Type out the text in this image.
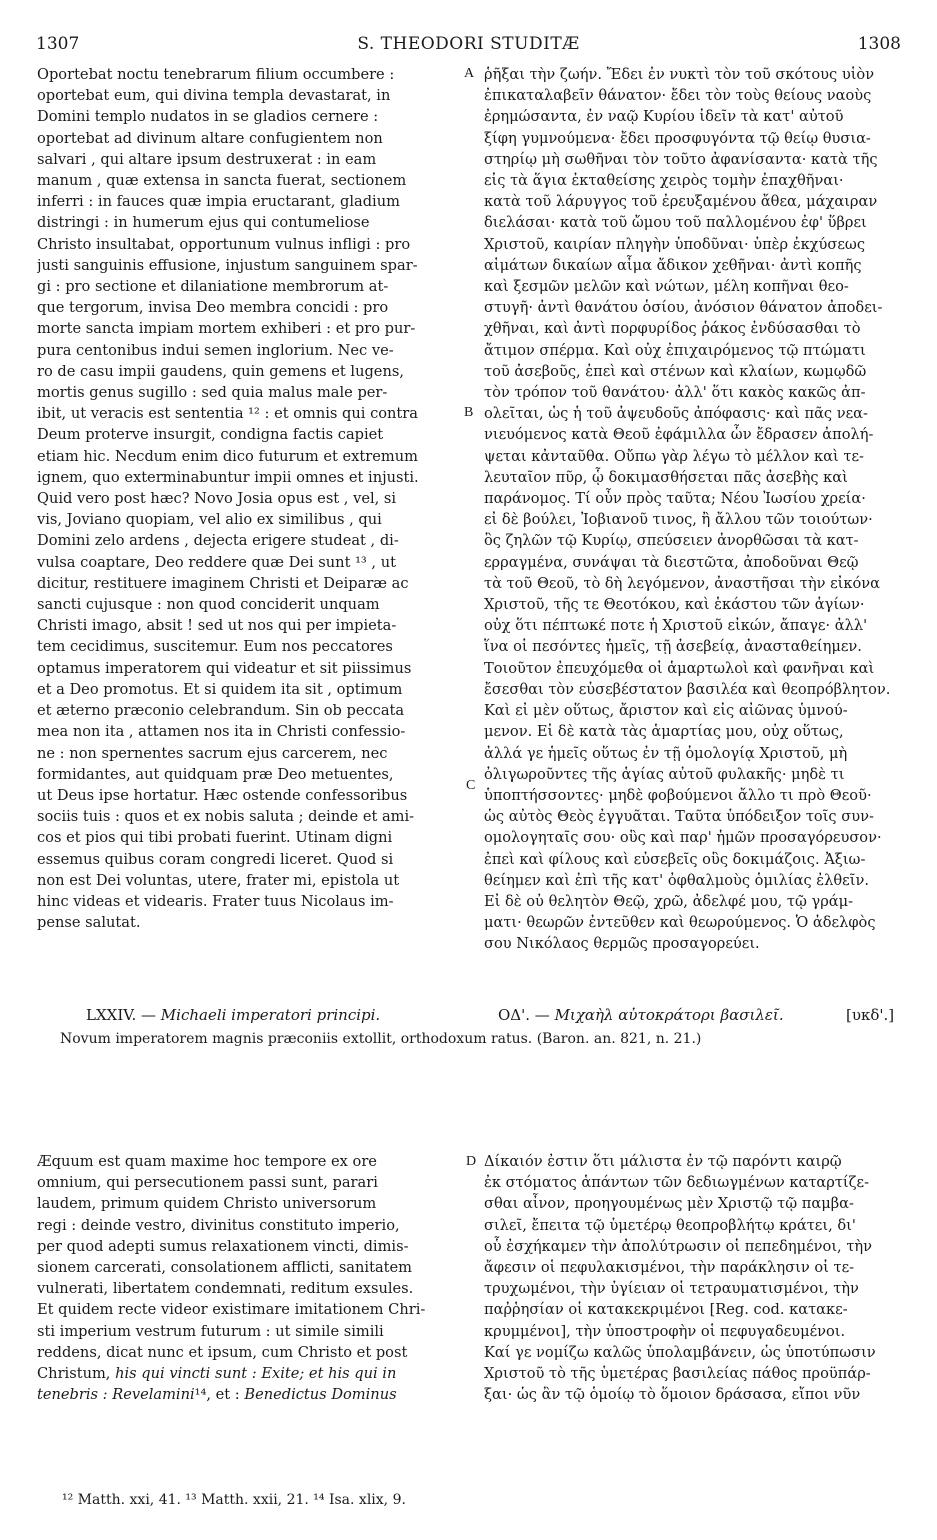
1307	S. THEODORI STUDITÆ	1308
Oportebat noctu tenebrarum filium occumbere :
oportebat eum, qui divina templa devastarat, in
Domini templo nudatos in se gladios cernere :
oportebat ad divinum altare confugientem non
salvari , qui altare ipsum destruxerat : in eam
manum , quæ extensa in sancta fuerat, sectionem
inferri : in fauces quæ impia eructarant, gladium
distringi : in humerum ejus qui contumeliose
Christo insultabat, opportunum vulnus infligi : pro
justi sanguinis effusione, injustum sanguinem spar-
gi : pro sectione et dilaniatione membrorum at-
que tergorum, invisa Deo membra concidi : pro
morte sancta impiam mortem exhiberi : et pro pur-
pura centonibus indui semen inglorium. Nec ve-
ro de casu impii gaudens, quin gemens et lugens,
mortis genus sugillo : sed quia malus male per-
ibit, ut veracis est sententia ¹² : et omnis qui contra
Deum proterve insurgit, condigna factis capiet
etiam hic. Necdum enim dico futurum et extremum
ignem, quo exterminabuntur impii omnes et injusti.
Quid vero post hæc? Novo Josia opus est , vel, si
vis, Joviano quopiam, vel alio ex similibus , qui
Domini zelo ardens , dejecta erigere studeat , di-
vulsa coaptare, Deo reddere quæ Dei sunt ¹³ , ut
dicitur, restituere imaginem Christi et Deiparæ ac
sancti cujusque : non quod conciderit unquam
Christi imago, absit ! sed ut nos qui per impieta-
tem cecidimus, suscitemur. Eum nos peccatores
optamus imperatorem qui videatur et sit piissimus
et a Deo promotus. Et si quidem ita sit , optimum
et æterno præconio celebrandum. Sin ob peccata
mea non ita , attamen nos ita in Christi confessio-
ne : non spernentes sacrum ejus carcerem, nec
formidantes, aut quidquam præ Deo metuentes,
ut Deus ipse hortatur. Hæc ostende confessoribus
sociis tuis : quos et ex nobis saluta ; deinde et ami-
cos et pios qui tibi probati fuerint. Utinam digni
essemus quibus coram congredi liceret. Quod si
non est Dei voluntas, utere, frater mi, epistola ut
hinc videas et videaris. Frater tuus Nicolaus im-
pense salutat.
ῥῆξαι τὴν ζωήν. Ἔδει ἐν νυκτὶ τὸν τοῦ σκότους υἱὸν
ἐπικαταλαβεῖν θάνατον· ἔδει τὸν τοὺς θείους ναοὺς
ἐρημώσαντα, ἐν ναῷ Κυρίου ἰδεῖν τὰ κατ' αὐτοῦ
ξίφη γυμνούμενα· ἔδει προσφυγόντα τῷ θείῳ θυσια-
στηρίῳ μὴ σωθῆναι τὸν τοῦτο ἀφανίσαντα· κατὰ τῆς
εἰς τὰ ἅγια ἐκταθείσης χειρὸς τομὴν ἐπαχθῆναι·
κατὰ τοῦ λάρυγγος τοῦ ἐρευξαμένου ἄθεα, μάχαιραν
διελάσαι· κατὰ τοῦ ὤμου τοῦ παλλομένου ἐφ' ὕβρει
Χριστοῦ, καιρίαν πληγὴν ὑποδῦναι· ὑπὲρ ἐκχύσεως
αἱμάτων δικαίων αἷμα ἄδικον χεθῆναι· ἀντὶ κοπῆς
καὶ ξεσμῶν μελῶν καὶ νώτων, μέλη κοπῆναι θεο-
στυγῆ· ἀντὶ θανάτου ὁσίου, ἀνόσιον θάνατον ἀποδει-
χθῆναι, καὶ ἀντὶ πορφυρίδος ῥάκος ἐνδύσασθαι τὸ
ἄτιμον σπέρμα. Καὶ οὐχ ἐπιχαιρόμενος τῷ πτώματι
τοῦ ἀσεβοῦς, ἐπεὶ καὶ στένων καὶ κλαίων, κωμῳδῶ
τὸν τρόπον τοῦ θανάτου· ἀλλ' ὅτι κακὸς κακῶς ἀπ-
ολεῖται, ὡς ἡ τοῦ ἀψευδοῦς ἀπόφασις· καὶ πᾶς νεα-
νιευόμενος κατὰ Θεοῦ ἐφάμιλλα ὧν ἔδρασεν ἀπολή-
ψεται κἀνταῦθα. Οὔπω γὰρ λέγω τὸ μέλλον καὶ τε-
λευταῖον πῦρ, ᾧ δοκιμασθήσεται πᾶς ἀσεβὴς καὶ
παράνομος. Τί οὖν πρὸς ταῦτα; Νέου Ἰωσίου χρεία·
εἰ δὲ βούλει, Ἰοβιανοῦ τινος, ἢ ἄλλου τῶν τοιούτων·
ὃς ζηλῶν τῷ Κυρίῳ, σπεύσειεν ἀνορθῶσαι τὰ κατ-
ερραγμένα, συνάψαι τὰ διεστῶτα, ἀποδοῦναι Θεῷ
τὰ τοῦ Θεοῦ, τὸ δὴ λεγόμενον, ἀναστῆσαι τὴν εἰκόνα
Χριστοῦ, τῆς τε Θεοτόκου, καὶ ἑκάστου τῶν ἁγίων·
οὐχ ὅτι πέπτωκέ ποτε ἡ Χριστοῦ εἰκών, ἄπαγε· ἀλλ'
ἵνα οἱ πεσόντες ἡμεῖς, τῇ ἀσεβείᾳ, ἀνασταθείημεν.
Τοιοῦτον ἐπευχόμεθα οἱ ἁμαρτωλοὶ καὶ φανῆναι καὶ
ἔσεσθαι τὸν εὐσεβέστατον βασιλέα καὶ θεοπρόβλητον.
Καὶ εἰ μὲν οὕτως, ἄριστον καὶ εἰς αἰῶνας ὑμνού-
μενον. Εἰ δὲ κατὰ τὰς ἁμαρτίας μου, οὐχ οὕτως,
ἀλλά γε ἡμεῖς οὕτως ἐν τῇ ὁμολογίᾳ Χριστοῦ, μὴ
ὀλιγωροῦντες τῆς ἁγίας αὐτοῦ φυλακῆς· μηδὲ τι
ὑποπτήσσοντες· μηδὲ φοβούμενοι ἄλλο τι πρὸ Θεοῦ·
ὡς αὐτὸς Θεὸς ἐγγυᾶται. Ταῦτα ὑπόδειξον τοῖς συν-
ομολογηταῖς σου· οὓς καὶ παρ' ἡμῶν προσαγόρευσον·
ἐπεὶ καὶ φίλους καὶ εὐσεβεῖς οὓς δοκιμάζοις. Ἀξιω-
θείημεν καὶ ἐπὶ τῆς κατ' ὀφθαλμοὺς ὁμιλίας ἐλθεῖν.
Εἰ δὲ οὐ θελητὸν Θεῷ, χρῶ, ἀδελφέ μου, τῷ γράμ-
ματι· θεωρῶν ἐντεῦθεν καὶ θεωρούμενος. Ὁ ἀδελφὸς
σου Νικόλαος θερμῶς προσαγορεύει.
A
B
C
D
LXXIV. — Michaeli imperatori principi.	ΟΔ'. — Μιχαὴλ αὐτοκράτορι βασιλεῖ.	[υκδ'.]
Novum imperatorem magnis præconiis extollit, orthodoxum ratus. (Baron. an. 821, n. 21.)
Æquum est quam maxime hoc tempore ex ore
omnium, qui persecutionem passi sunt, parari
laudem, primum quidem Christo universorum
regi : deinde vestro, divinitus constituto imperio,
per quod adepti sumus relaxationem vincti, dimis-
sionem carcerati, consolationem afflicti, sanitatem
vulnerati, libertatem condemnati, reditum exsules.
Et quidem recte videor existimare imitationem Chri-
sti imperium vestrum futurum : ut simile simili
reddens, dicat nunc et ipsum, cum Christo et post
Christum, his qui vincti sunt : Exite; et his qui in
tenebris : Revelamini¹⁴, et : Benedictus Dominus
Δίκαιόν ἐστιν ὅτι μάλιστα ἐν τῷ παρόντι καιρῷ
ἐκ στόματος ἁπάντων τῶν δεδιωγμένων καταρτίζε-
σθαι αἶνον, προηγουμένως μὲν Χριστῷ τῷ παμβα-
σιλεῖ, ἔπειτα τῷ ὑμετέρῳ θεοπροβλήτῳ κράτει, δι'
οὗ ἐσχήκαμεν τὴν ἀπολύτρωσιν οἱ πεπεδημένοι, τὴν
ἄφεσιν οἱ πεφυλακισμένοι, τὴν παράκλησιν οἱ τε-
τρυχωμένοι, τὴν ὑγίειαν οἱ τετραυματισμένοι, τὴν
παῤῥησίαν οἱ κατακεκριμένοι [Reg. cod. κατακε-
κρυμμένοι], τὴν ὑποστροφὴν οἱ πεφυγαδευμένοι.
Καί γε νομίζω καλῶς ὑπολαμβάνειν, ὡς ὑποτύπωσιν
Χριστοῦ τὸ τῆς ὑμετέρας βασιλείας πάθος προϋπάρ-
ξαι· ὡς ἂν τῷ ὁμοίῳ τὸ ὅμοιον δράσασα, εἴποι νῦν
¹² Matth. xxi, 41. ¹³ Matth. xxii, 21. ¹⁴ Isa. xlix, 9.
